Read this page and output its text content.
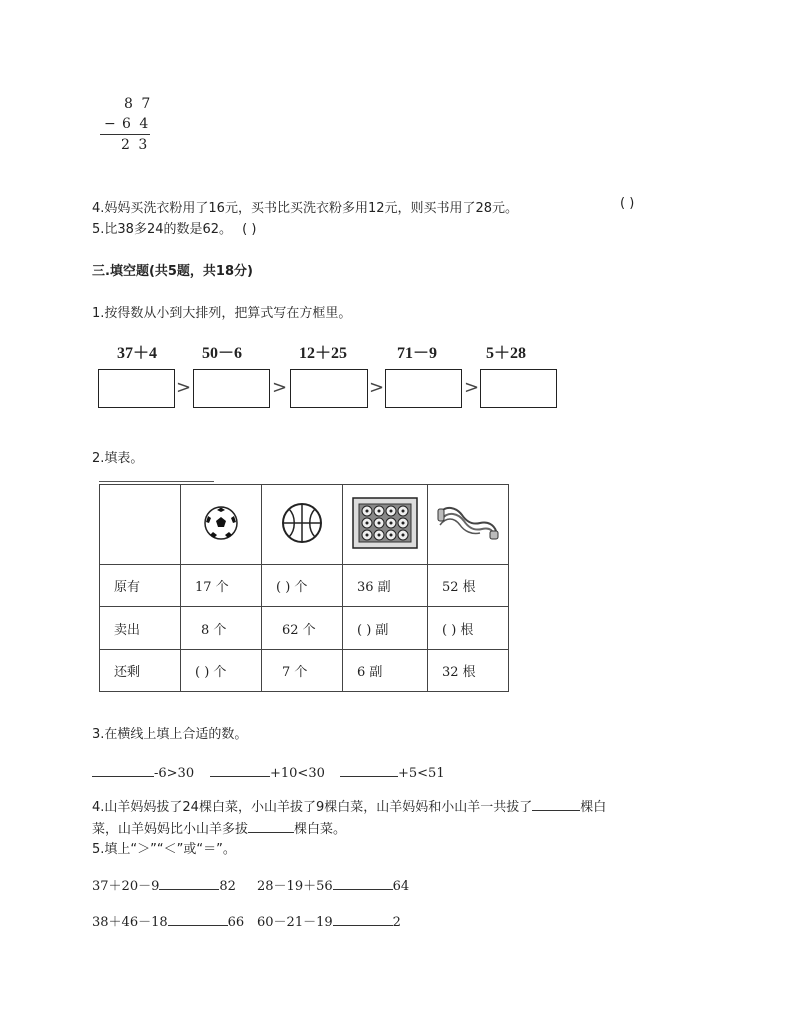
8 7
− 6 4
2 3
4.妈妈买洗衣粉用了16元，买书比买洗衣粉多用12元，则买书用了28元。	( )
5.比38多24的数是62。 ( )
三.填空题(共5题，共18分)
1.按得数从小到大排列，把算式写在方框里。
37＋4	50－6	12＋25	71－9	5＋28
>	>	>	>
2.填表。

原有	17 个	( ) 个	36 副	52 根
卖出	8 个	62 个	( ) 副	( ) 根
还剩	( ) 个	7 个	6 副	32 根
3.在横线上填上合适的数。
-6>30	+10<30	+5<51
4.山羊妈妈拔了24棵白菜，小山羊拔了9棵白菜，山羊妈妈和小山羊一共拔了	棵白
菜，山羊妈妈比小山羊多拔	棵白菜。
5.填上“＞”“＜”或“＝”。
37＋20－9	82 28－19＋56	64
38＋46－18	66 60－21－19	2
